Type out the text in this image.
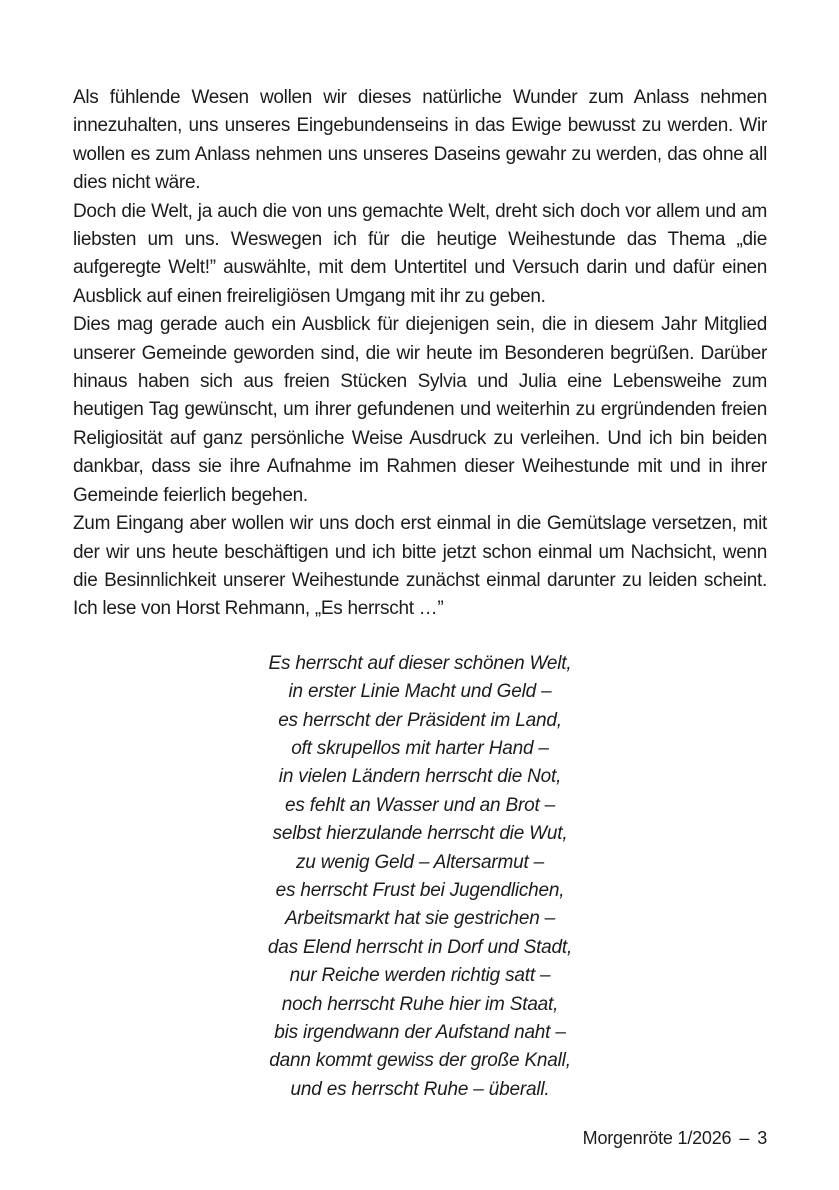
Als fühlende Wesen wollen wir dieses natürliche Wunder zum Anlass nehmen innezuhalten, uns unseres Eingebundenseins in das Ewige bewusst zu werden. Wir wollen es zum Anlass nehmen uns unseres Daseins gewahr zu werden, das ohne all dies nicht wäre.
Doch die Welt, ja auch die von uns gemachte Welt, dreht sich doch vor allem und am liebsten um uns. Weswegen ich für die heutige Weihestunde das Thema „die aufgeregte Welt!” auswählte, mit dem Untertitel und Versuch darin und dafür einen Ausblick auf einen freireligiösen Umgang mit ihr zu geben.
Dies mag gerade auch ein Ausblick für diejenigen sein, die in diesem Jahr Mitglied unserer Gemeinde geworden sind, die wir heute im Besonderen begrüßen. Darüber hinaus haben sich aus freien Stücken Sylvia und Julia eine Lebensweihe zum heutigen Tag gewünscht, um ihrer gefundenen und weiterhin zu ergründenden freien Religiosität auf ganz persönliche Weise Ausdruck zu verleihen. Und ich bin beiden dankbar, dass sie ihre Aufnahme im Rahmen dieser Weihestunde mit und in ihrer Gemeinde feierlich begehen.
Zum Eingang aber wollen wir uns doch erst einmal in die Gemütslage versetzen, mit der wir uns heute beschäftigen und ich bitte jetzt schon einmal um Nachsicht, wenn die Besinnlichkeit unserer Weihestunde zunächst einmal darunter zu leiden scheint. Ich lese von Horst Rehmann, „Es herrscht …”
Es herrscht auf dieser schönen Welt,
in erster Linie Macht und Geld –
es herrscht der Präsident im Land,
oft skrupellos mit harter Hand –
in vielen Ländern herrscht die Not,
es fehlt an Wasser und an Brot –
selbst hierzulande herrscht die Wut,
zu wenig Geld – Altersarmut –
es herrscht Frust bei Jugendlichen,
Arbeitsmarkt hat sie gestrichen –
das Elend herrscht in Dorf und Stadt,
nur Reiche werden richtig satt –
noch herrscht Ruhe hier im Staat,
bis irgendwann der Aufstand naht –
dann kommt gewiss der große Knall,
und es herrscht Ruhe – überall.
Morgenröte 1/2026 – 3
